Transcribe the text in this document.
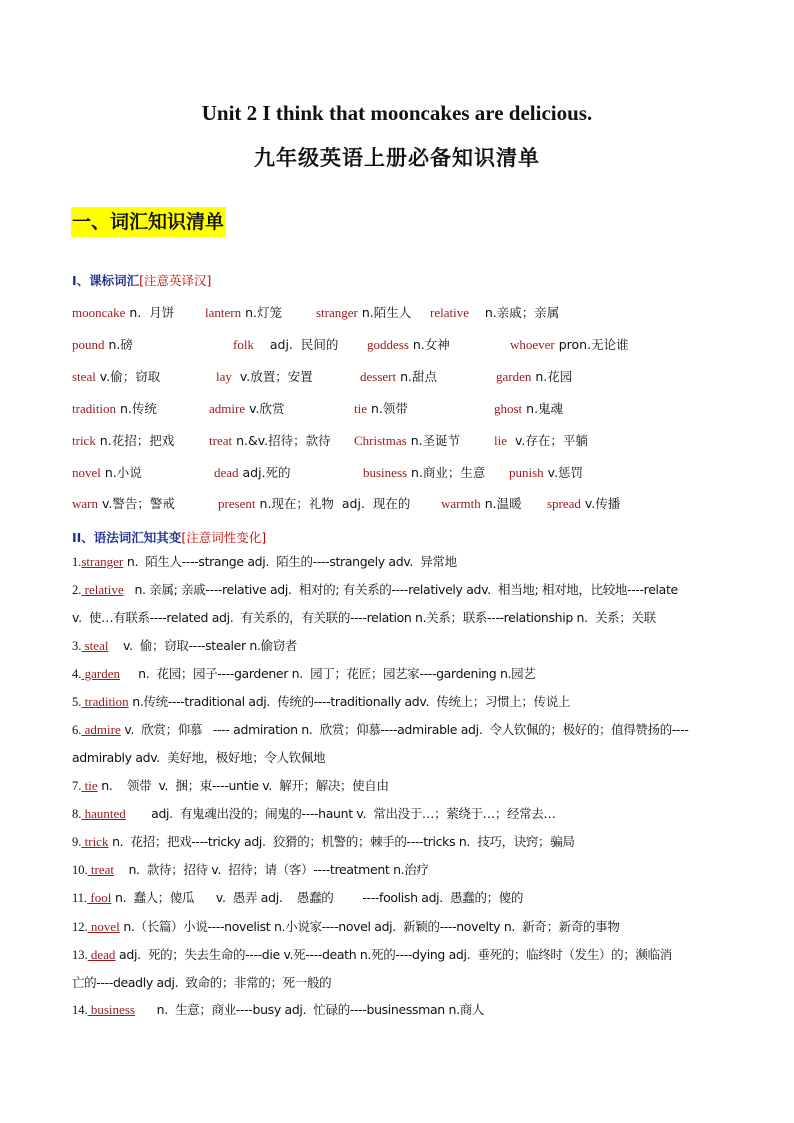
Unit 2 I think that mooncakes are delicious.
九年级英语上册必备知识清单
一、词汇知识清单
I、课标词汇[注意英译汉]
mooncake n.  月饼 lantern n.灯笼	stranger n.陌生人 relative    n.亲戚；亲属
pound n.磅	folk    adj.  民间的 goddess n.女神	whoever pron.无论谁
steal v.偷；窃取	lay  v.放置；安置	dessert n.甜点	garden n.花园
tradition n.传统	admire v.欣赏	tie n.领带	ghost n.鬼魂
trick n.花招；把戏	treat n.&v.招待；款待 Christmas n.圣诞节	lie  v.存在；平躺
novel n.小说	dead adj.死的	business n.商业；生意 punish v.惩罚
warn v.警告；警戒	present n.现在；礼物  adj.  现在的 warmth n.温暖 spread v.传播
II、语法词汇知其变[注意词性变化]
1.stranger n.  陌生人----strange adj.  陌生的----strangely adv.  异常地
2. relative   n. 亲属; 亲戚----relative adj.  相对的; 有关系的----relatively adv.  相当地; 相对地，比较地----relate
v.  使…有联系----related adj.  有关系的，有关联的----relation n.关系；联系----relationship n.  关系；关联
3. steal    v.  偷；窃取----stealer n.偷窃者
4. garden     n.  花园；园子----gardener n.  园丁；花匠；园艺家----gardening n.园艺
5. tradition n.传统----traditional adj.  传统的----traditionally adv.  传统上；习惯上；传说上
6. admire v.  欣赏；仰慕   ---- admiration n.  欣赏；仰慕----admirable adj.  令人钦佩的；极好的；值得赞扬的----
admirably adv.  美好地，极好地；令人钦佩地
7. tie n.    领带  v.  捆；束----untie v.  解开；解决；使自由
8. haunted       adj.  有鬼魂出没的；闹鬼的----haunt v.  常出没于…；萦绕于…；经常去…
9. trick n.  花招；把戏----tricky adj.  狡猾的；机警的；棘手的----tricks n.  技巧，诀窍；骗局
10. treat    n.  款待；招待 v.  招待；请（客）----treatment n.治疗
11. fool n.  蠢人；傻瓜      v.  愚弄 adj.    愚蠢的        ----foolish adj.  愚蠢的；傻的
12. novel n.（长篇）小说----novelist n.小说家----novel adj.  新颖的----novelty n.  新奇；新奇的事物
13. dead adj.  死的；失去生命的----die v.死----death n.死的----dying adj.  垂死的；临终时（发生）的；濒临消
亡的----deadly adj.  致命的；非常的；死一般的
14. business      n.  生意；商业----busy adj.  忙碌的----businessman n.商人
